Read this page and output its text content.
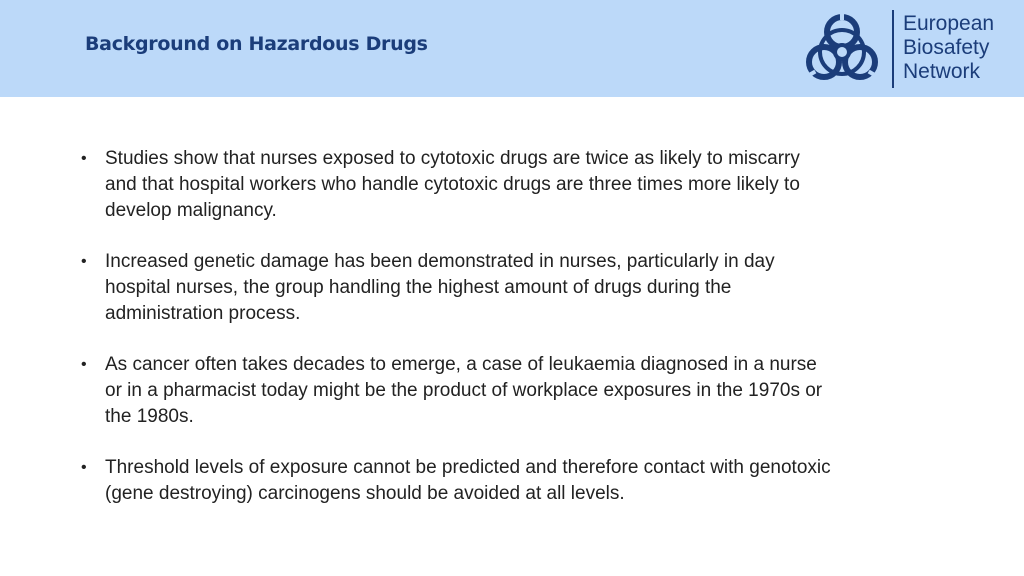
Background on Hazardous Drugs
European
Biosafety
Network
• Studies show that nurses exposed to cytotoxic drugs are twice as likely to miscarry and that hospital workers who handle cytotoxic drugs are three times more likely to develop malignancy.
• Increased genetic damage has been demonstrated in nurses, particularly in day hospital nurses, the group handling the highest amount of drugs during the administration process.
• As cancer often takes decades to emerge, a case of leukaemia diagnosed in a nurse or in a pharmacist today might be the product of workplace exposures in the 1970s or the 1980s.
• Threshold levels of exposure cannot be predicted and therefore contact with genotoxic (gene destroying) carcinogens should be avoided at all levels.
